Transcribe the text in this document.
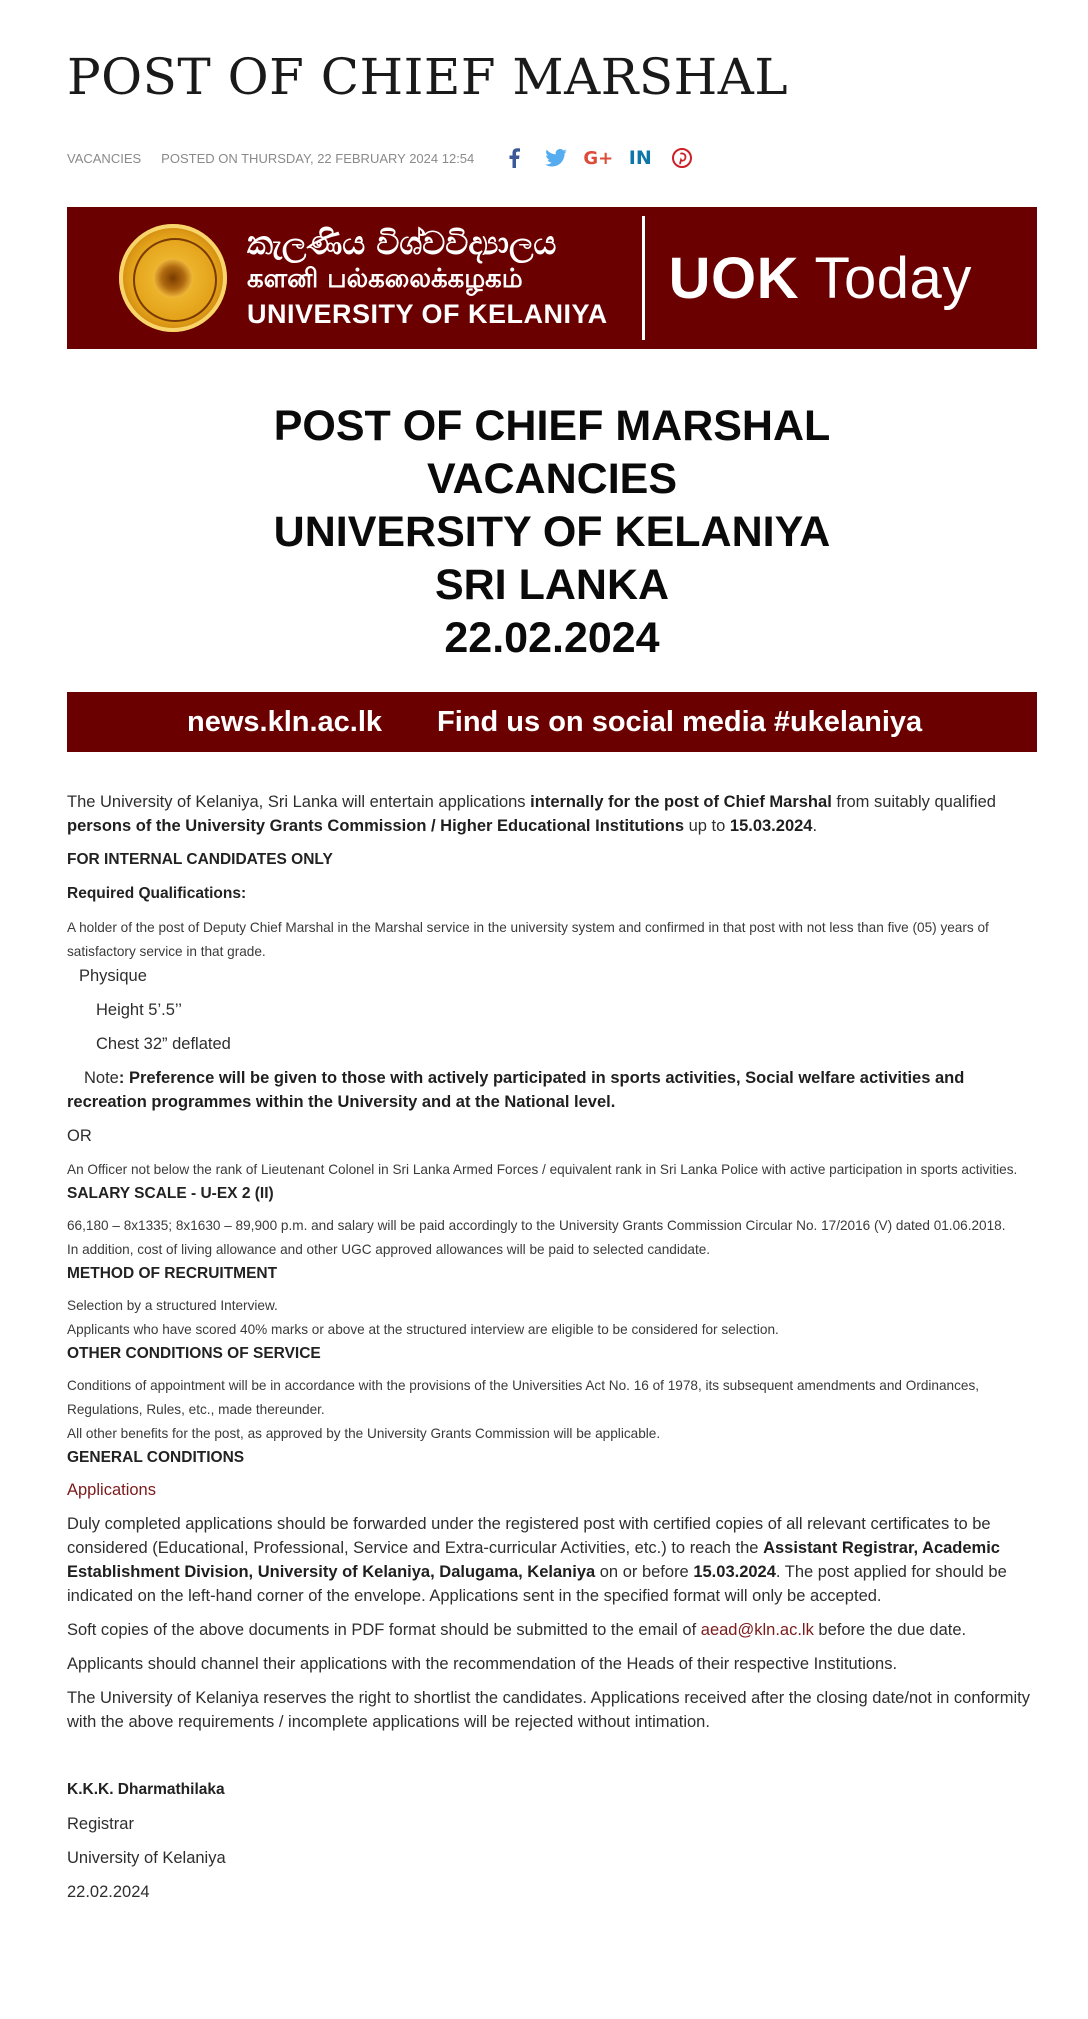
POST OF CHIEF MARSHAL
VACANCIES POSTED ON THURSDAY, 22 FEBRUARY 2024 12:54	G+ IN
කැලණිය විශ්වවිද්‍යාලය
களனி பல்கலைக்கழகம்
UNIVERSITY OF KELANIYA
UOK Today
POST OF CHIEF MARSHAL
VACANCIES
UNIVERSITY OF KELANIYA
SRI LANKA
22.02.2024
news.kln.ac.lk Find us on social media #ukelaniya

The University of Kelaniya, Sri Lanka will entertain applications internally for the post of Chief Marshal from suitably qualified persons of the University Grants Commission / Higher Educational Institutions up to 15.03.2024.

FOR INTERNAL CANDIDATES ONLY

Required Qualifications:

A holder of the post of Deputy Chief Marshal in the Marshal service in the university system and confirmed in that post with not less than five (05) years of satisfactory service in that grade.

Physique

Height 5’.5’’

Chest 32” deflated

Note: Preference will be given to those with actively participated in sports activities, Social welfare activities and recreation programmes within the University and at the National level.

OR

An Officer not below the rank of Lieutenant Colonel in Sri Lanka Armed Forces / equivalent rank in Sri Lanka Police with active participation in sports activities.

SALARY SCALE - U-EX 2 (II)

66,180 – 8x1335; 8x1630 – 89,900 p.m. and salary will be paid accordingly to the University Grants Commission Circular No. 17/2016 (V) dated 01.06.2018.

In addition, cost of living allowance and other UGC approved allowances will be paid to selected candidate.

METHOD OF RECRUITMENT

Selection by a structured Interview.

Applicants who have scored 40% marks or above at the structured interview are eligible to be considered for selection.

OTHER CONDITIONS OF SERVICE

Conditions of appointment will be in accordance with the provisions of the Universities Act No. 16 of 1978, its subsequent amendments and Ordinances, Regulations, Rules, etc., made thereunder.

All other benefits for the post, as approved by the University Grants Commission will be applicable.

GENERAL CONDITIONS

Applications

Duly completed applications should be forwarded under the registered post with certified copies of all relevant certificates to be considered (Educational, Professional, Service and Extra-curricular Activities, etc.) to reach the Assistant Registrar, Academic Establishment Division, University of Kelaniya, Dalugama, Kelaniya on or before 15.03.2024. The post applied for should be indicated on the left-hand corner of the envelope. Applications sent in the specified format will only be accepted.

Soft copies of the above documents in PDF format should be submitted to the email of aead@kln.ac.lk before the due date.

Applicants should channel their applications with the recommendation of the Heads of their respective Institutions.

The University of Kelaniya reserves the right to shortlist the candidates. Applications received after the closing date/not in conformity with the above requirements / incomplete applications will be rejected without intimation.

K.K.K. Dharmathilaka

Registrar

University of Kelaniya

22.02.2024
